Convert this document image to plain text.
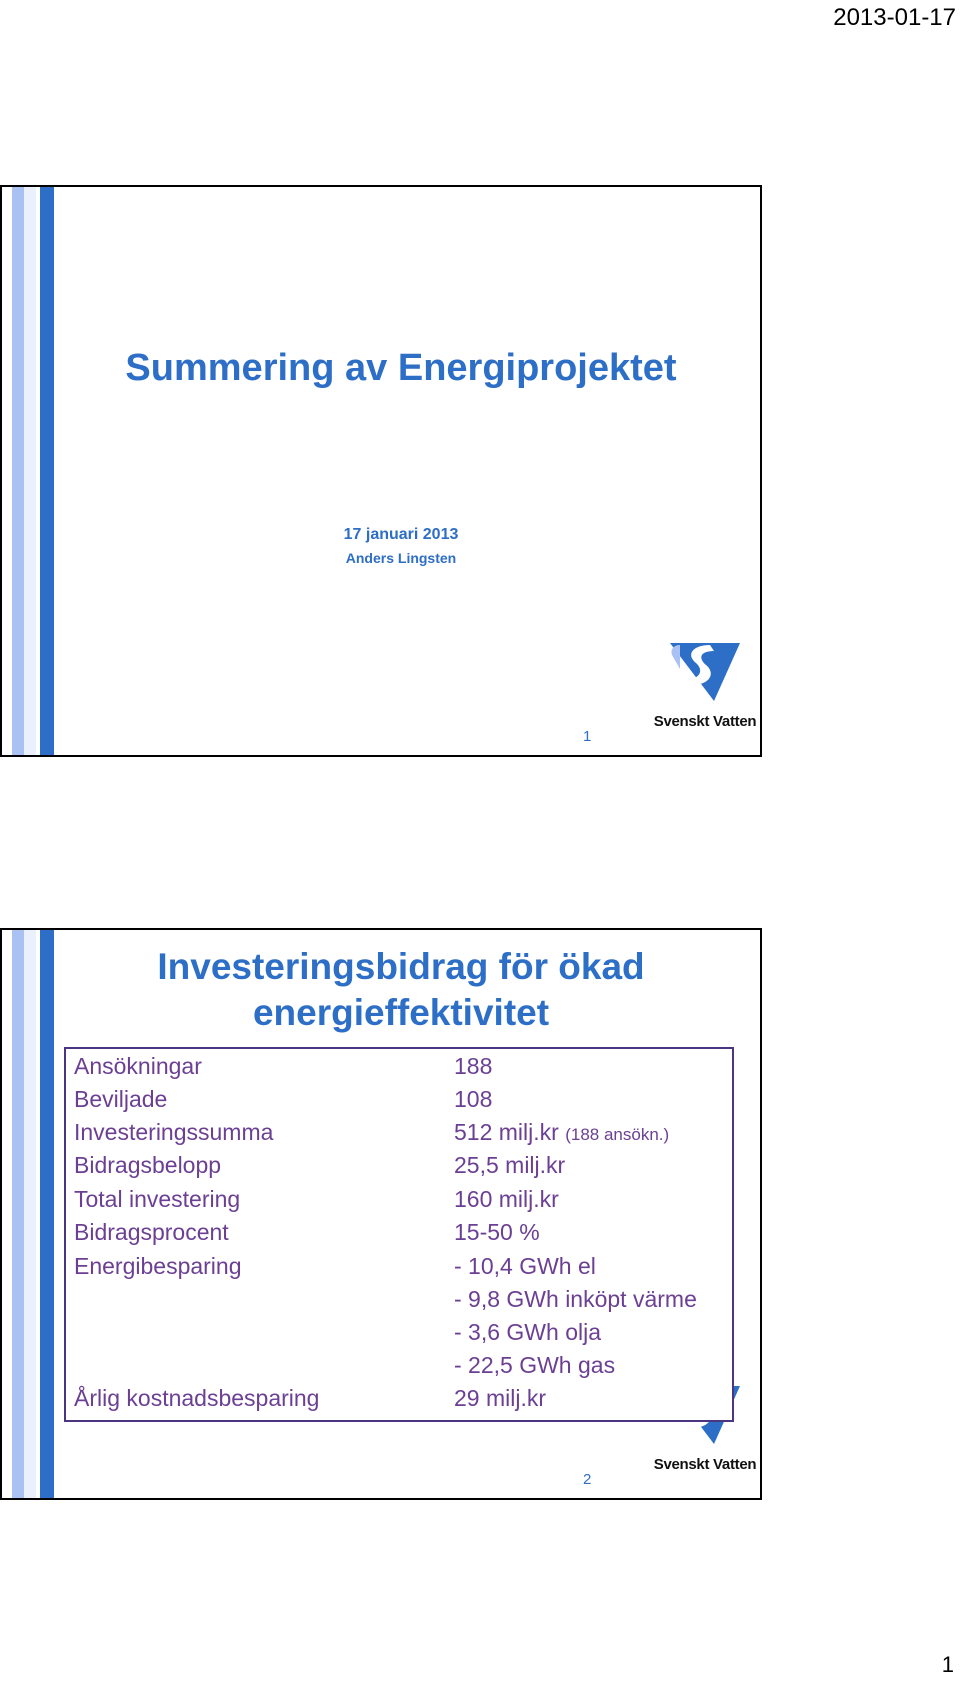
2013-01-17
Summering av Energiprojektet
17 januari 2013
Anders Lingsten
1
Svenskt Vatten
Investeringsbidrag för ökad
energieffektivitet
Svenskt Vatten
Ansökningar	188
Beviljade	108
Investeringssumma	512 milj.kr (188 ansökn.)
Bidragsbelopp	25,5 milj.kr
Total investering	160 milj.kr
Bidragsprocent	15-50 %
Energibesparing	- 10,4 GWh el
- 9,8 GWh inköpt värme
- 3,6 GWh olja
- 22,5 GWh gas
Årlig kostnadsbesparing	29 milj.kr
2
1
